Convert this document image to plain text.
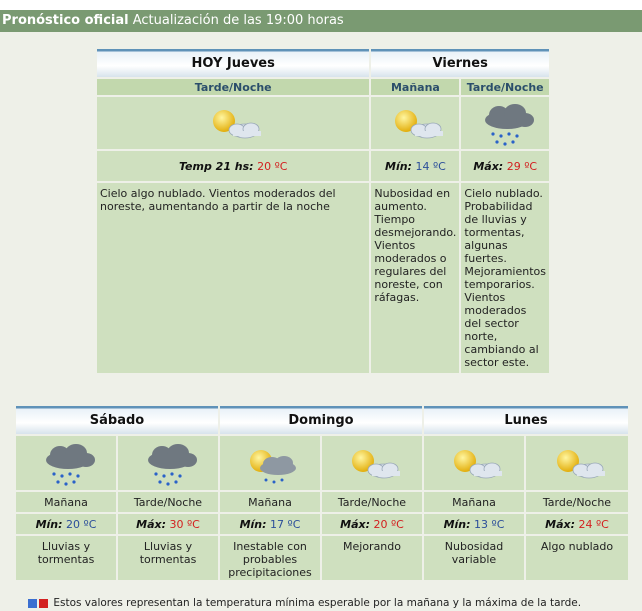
Pronóstico oficial Actualización de las 19:00 horas
HOY Jueves	Viernes	
Tarde/Noche	Mañana	Tarde/Noche

Temp 21 hs: 20 ºC	Mín: 14 ºC	Máx: 29 ºC
Cielo algo nublado. Vientos moderados del noreste, aumentando a partir de la noche	Nubosidad en aumento. Tiempo desmejorando. Vientos moderados o regulares del noreste, con ráfagas.	Cielo nublado. Probabilidad de lluvias y tormentas, algunas fuertes. Mejoramientos temporarios. Vientos moderados del sector norte, cambiando al sector este.
Sábado		Domingo		Lunes	

Mañana	Tarde/Noche	Mañana	Tarde/Noche	Mañana	Tarde/Noche
Mín: 20 ºC	Máx: 30 ºC	Mín: 17 ºC	Máx: 20 ºC	Mín: 13 ºC	Máx: 24 ºC
Lluvias y tormentas	Lluvias y tormentas	Inestable con probables precipitaciones	Mejorando	Nubosidad variable	Algo nublado
Estos valores representan la temperatura mínima esperable por la mañana y la máxima de la tarde.
